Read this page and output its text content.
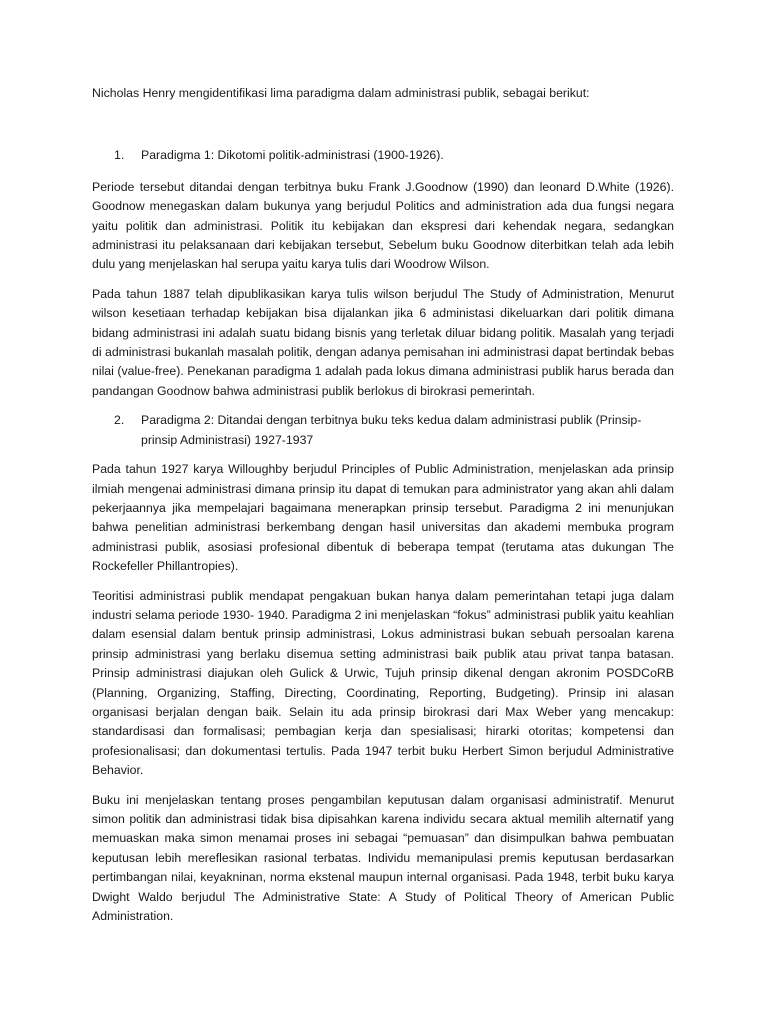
Nicholas Henry mengidentifikasi lima paradigma dalam administrasi publik, sebagai berikut:

1.	Paradigma 1: Dikotomi politik-administrasi (1900-1926).

Periode tersebut ditandai dengan terbitnya buku Frank J.Goodnow (1990) dan leonard D.White (1926). Goodnow menegaskan dalam bukunya yang berjudul Politics and administration ada dua fungsi negara yaitu politik dan administrasi. Politik itu kebijakan dan ekspresi dari kehendak negara, sedangkan administrasi itu pelaksanaan dari kebijakan tersebut, Sebelum buku Goodnow diterbitkan telah ada lebih dulu yang menjelaskan hal serupa yaitu karya tulis dari Woodrow Wilson.

Pada tahun 1887 telah dipublikasikan karya tulis wilson berjudul The Study of Administration, Menurut wilson kesetiaan terhadap kebijakan bisa dijalankan jika 6 administasi dikeluarkan dari politik dimana bidang administrasi ini adalah suatu bidang bisnis yang terletak diluar bidang politik. Masalah yang terjadi di administrasi bukanlah masalah politik, dengan adanya pemisahan ini administrasi dapat bertindak bebas nilai (value-free). Penekanan paradigma 1 adalah pada lokus dimana administrasi publik harus berada dan pandangan Goodnow bahwa administrasi publik berlokus di birokrasi pemerintah.

2.	Paradigma 2: Ditandai dengan terbitnya buku teks kedua dalam administrasi publik (Prinsip-prinsip Administrasi) 1927-1937

Pada tahun 1927 karya Willoughby berjudul Principles of Public Administration, menjelaskan ada prinsip ilmiah mengenai administrasi dimana prinsip itu dapat di temukan para administrator yang akan ahli dalam pekerjaannya jika mempelajari bagaimana menerapkan prinsip tersebut. Paradigma 2 ini menunjukan bahwa penelitian administrasi berkembang dengan hasil universitas dan akademi membuka program administrasi publik, asosiasi profesional dibentuk di beberapa tempat (terutama atas dukungan The Rockefeller Phillantropies).

Teoritisi administrasi publik mendapat pengakuan bukan hanya dalam pemerintahan tetapi juga dalam industri selama periode 1930- 1940. Paradigma 2 ini menjelaskan “fokus” administrasi publik yaitu keahlian dalam esensial dalam bentuk prinsip administrasi, Lokus administrasi bukan sebuah persoalan karena prinsip administrasi yang berlaku disemua setting administrasi baik publik atau privat tanpa batasan. Prinsip administrasi diajukan oleh Gulick & Urwic, Tujuh prinsip dikenal dengan akronim POSDCoRB (Planning, Organizing, Staffing, Directing, Coordinating, Reporting, Budgeting). Prinsip ini alasan organisasi berjalan dengan baik. Selain itu ada prinsip birokrasi dari Max Weber yang mencakup: standardisasi dan formalisasi; pembagian kerja dan spesialisasi; hirarki otoritas; kompetensi dan profesionalisasi; dan dokumentasi tertulis. Pada 1947 terbit buku Herbert Simon berjudul Administrative Behavior.

Buku ini menjelaskan tentang proses pengambilan keputusan dalam organisasi administratif. Menurut simon politik dan administrasi tidak bisa dipisahkan karena individu secara aktual memilih alternatif yang memuaskan maka simon menamai proses ini sebagai “pemuasan” dan disimpulkan bahwa pembuatan keputusan lebih mereflesikan rasional terbatas. Individu memanipulasi premis keputusan berdasarkan pertimbangan nilai, keyakninan, norma ekstenal maupun internal organisasi. Pada 1948, terbit buku karya Dwight Waldo berjudul The Administrative State: A Study of Political Theory of American Public Administration.
